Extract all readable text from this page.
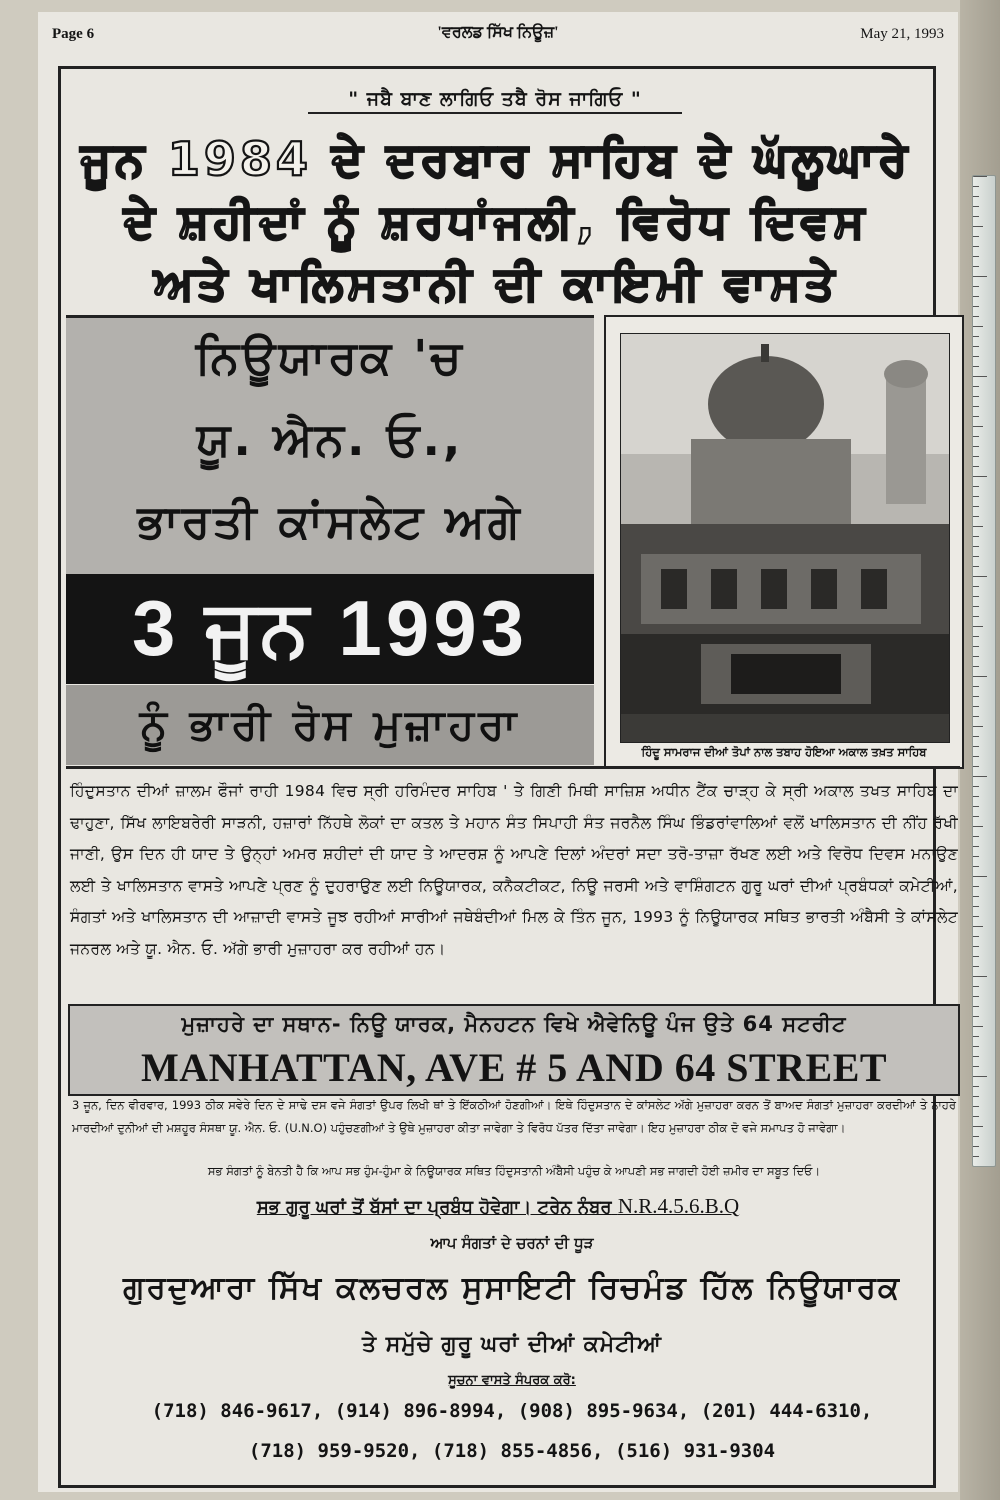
Page 6	'ਵਰਲਡ ਸਿੱਖ ਨਿਊਜ਼'	May 21, 1993
" ਜਬੈ ਬਾਣ ਲਾਗਿਓ ਤਬੈ ਰੋਸ ਜਾਗਿਓ "
ਜੂਨ 1984 ਦੇ ਦਰਬਾਰ ਸਾਹਿਬ ਦੇ ਘੱਲੂਘਾਰੇ
ਦੇ ਸ਼ਹੀਦਾਂ ਨੂੰ ਸ਼ਰਧਾਂਜਲੀ, ਵਿਰੋਧ ਦਿਵਸ
ਅਤੇ ਖਾਲਿਸਤਾਨੀ ਦੀ ਕਾਇਮੀ ਵਾਸਤੇ
ਨਿਊਯਾਰਕ 'ਚ
ਯੂ. ਐਨ. ਓ.,
ਭਾਰਤੀ ਕਾਂਸਲੇਟ ਅਗੇ
3 ਜੂਨ 1993
ਨੂੰ ਭਾਰੀ ਰੋਸ ਮੁਜ਼ਾਹਰਾ
ਹਿੰਦੂ ਸਾਮਰਾਜ ਦੀਆਂ ਤੋਪਾਂ ਨਾਲ ਤਬਾਹ ਹੋਇਆ ਅਕਾਲ ਤਖ਼ਤ ਸਾਹਿਬ
ਹਿੰਦੁਸਤਾਨ ਦੀਆਂ ਜ਼ਾਲਮ ਫੌਜਾਂ ਰਾਹੀ 1984 ਵਿਚ ਸ੍ਰੀ ਹਰਿਮੰਦਰ ਸਾਹਿਬ ' ਤੇ ਗਿਣੀ ਮਿਥੀ ਸਾਜ਼ਿਸ਼ ਅਧੀਨ ਟੈਂਕ ਚਾੜ੍ਹ ਕੇ ਸ੍ਰੀ ਅਕਾਲ ਤਖਤ ਸਾਹਿਬ ਦਾ ਢਾਹੁਣਾ, ਸਿੱਖ ਲਾਇਬਰੇਰੀ ਸਾੜਨੀ, ਹਜ਼ਾਰਾਂ ਨਿੱਹਥੇ ਲੋਕਾਂ ਦਾ ਕਤਲ ਤੇ ਮਹਾਨ ਸੰਤ ਸਿਪਾਹੀ ਸੰਤ ਜਰਨੈਲ ਸਿੰਘ ਭਿੰਡਰਾਂਵਾਲਿਆਂ ਵਲੋਂ ਖਾਲਿਸਤਾਨ ਦੀ ਨੀਂਹ ਰੱਖੀ ਜਾਣੀ, ਉਸ ਦਿਨ ਹੀ ਯਾਦ ਤੇ ਉਨ੍ਹਾਂ ਅਮਰ ਸ਼ਹੀਦਾਂ ਦੀ ਯਾਦ ਤੇ ਆਦਰਸ਼ ਨੂੰ ਆਪਣੇ ਦਿਲਾਂ ਅੰਦਰਾਂ ਸਦਾ ਤਰੋ-ਤਾਜ਼ਾ ਰੱਖਣ ਲਈ ਅਤੇ ਵਿਰੋਧ ਦਿਵਸ ਮਨਾਉਣ ਲਈ ਤੇ ਖਾਲਿਸਤਾਨ ਵਾਸਤੇ ਆਪਣੇ ਪ੍ਰਣ ਨੂੰ ਦੁਹਰਾਉਣ ਲਈ ਨਿਊਯਾਰਕ, ਕਨੈਕਟੀਕਟ, ਨਿਊ ਜਰਸੀ ਅਤੇ ਵਾਸ਼ਿੰਗਟਨ ਗੁਰੂ ਘਰਾਂ ਦੀਆਂ ਪ੍ਰਬੰਧਕਾਂ ਕਮੇਟੀਆਂ, ਸੰਗਤਾਂ ਅਤੇ ਖਾਲਿਸਤਾਨ ਦੀ ਆਜ਼ਾਦੀ ਵਾਸਤੇ ਜੂਝ ਰਹੀਆਂ ਸਾਰੀਆਂ ਜਥੇਬੰਦੀਆਂ ਮਿਲ ਕੇ ਤਿੰਨ ਜੂਨ, 1993 ਨੂੰ ਨਿਊਯਾਰਕ ਸਥਿਤ ਭਾਰਤੀ ਅੰਬੈਸੀ ਤੇ ਕਾਂਸਲੇਟ ਜਨਰਲ ਅਤੇ ਯੂ. ਐਨ. ਓ. ਅੱਗੇ ਭਾਰੀ ਮੁਜ਼ਾਹਰਾ ਕਰ ਰਹੀਆਂ ਹਨ।
ਮੁਜ਼ਾਹਰੇ ਦਾ ਸਥਾਨ- ਨਿਊ ਯਾਰਕ, ਮੈਨਹਟਨ ਵਿਖੇ ਐਵੇਨਿਊ ਪੰਜ ਉਤੇ 64 ਸਟਰੀਟ
MANHATTAN, AVE # 5 AND 64 STREET
3 ਜੂਨ, ਦਿਨ ਵੀਰਵਾਰ, 1993 ਠੀਕ ਸਵੇਰੇ ਦਿਨ ਦੇ ਸਾਢੇ ਦਸ ਵਜੇ ਸੰਗਤਾਂ ਉਪਰ ਲਿਖੀ ਥਾਂ ਤੇ ਇੱਕਠੀਆਂ ਹੋਣਗੀਆਂ। ਇਥੇ ਹਿੰਦੁਸਤਾਨ ਦੇ ਕਾਂਸਲੇਟ ਅੱਗੇ ਮੁਜ਼ਾਹਰਾ ਕਰਨ ਤੋਂ ਬਾਅਦ ਸੰਗਤਾਂ ਮੁਜ਼ਾਹਰਾ ਕਰਦੀਆਂ ਤੇ ਨਾਹਰੇ ਮਾਰਦੀਆਂ ਦੁਨੀਆਂ ਦੀ ਮਸ਼ਹੂਰ ਸੰਸਥਾ ਯੂ. ਐਨ. ਓ. (U.N.O) ਪਹੁੰਚਣਗੀਆਂ ਤੇ ਉਥੇ ਮੁਜ਼ਾਹਰਾ ਕੀਤਾ ਜਾਵੇਗਾ ਤੇ ਵਿਰੋਧ ਪੱਤਰ ਦਿੱਤਾ ਜਾਵੇਗਾ। ਇਹ ਮੁਜ਼ਾਹਰਾ ਠੀਕ ਦੋ ਵਜੇ ਸਮਾਪਤ ਹੋ ਜਾਵੇਗਾ।
ਸਭ ਸੰਗਤਾਂ ਨੂੰ ਬੇਨਤੀ ਹੈ ਕਿ ਆਪ ਸਭ ਹੁੰਮ-ਹੁੰਮਾ ਕੇ ਨਿਊਯਾਰਕ ਸਥਿਤ ਹਿੰਦੁਸਤਾਨੀ ਅੰਬੈਸੀ ਪਹੁੰਚ ਕੇ ਆਪਣੀ ਸਭ ਜਾਗਦੀ ਹੋਈ ਜ਼ਮੀਰ ਦਾ ਸਬੂਤ ਦਿਓ।
ਸਭ ਗੁਰੂ ਘਰਾਂ ਤੋਂ ਬੱਸਾਂ ਦਾ ਪ੍ਰਬੰਧ ਹੋਵੇਗਾ। ਟਰੇਨ ਨੰਬਰ N.R.4.5.6.B.Q
ਆਪ ਸੰਗਤਾਂ ਦੇ ਚਰਨਾਂ ਦੀ ਧੂੜ
ਗੁਰਦੁਆਰਾ ਸਿੱਖ ਕਲਚਰਲ ਸੁਸਾਇਟੀ ਰਿਚਮੰਡ ਹਿੱਲ ਨਿਊਯਾਰਕ
ਤੇ ਸਮੁੱਚੇ ਗੁਰੂ ਘਰਾਂ ਦੀਆਂ ਕਮੇਟੀਆਂ
ਸੂਚਨਾ ਵਾਸਤੇ ਸੰਪਰਕ ਕਰੋ:
(718) 846-9617, (914) 896-8994, (908) 895-9634, (201) 444-6310,
(718) 959-9520, (718) 855-4856, (516) 931-9304
